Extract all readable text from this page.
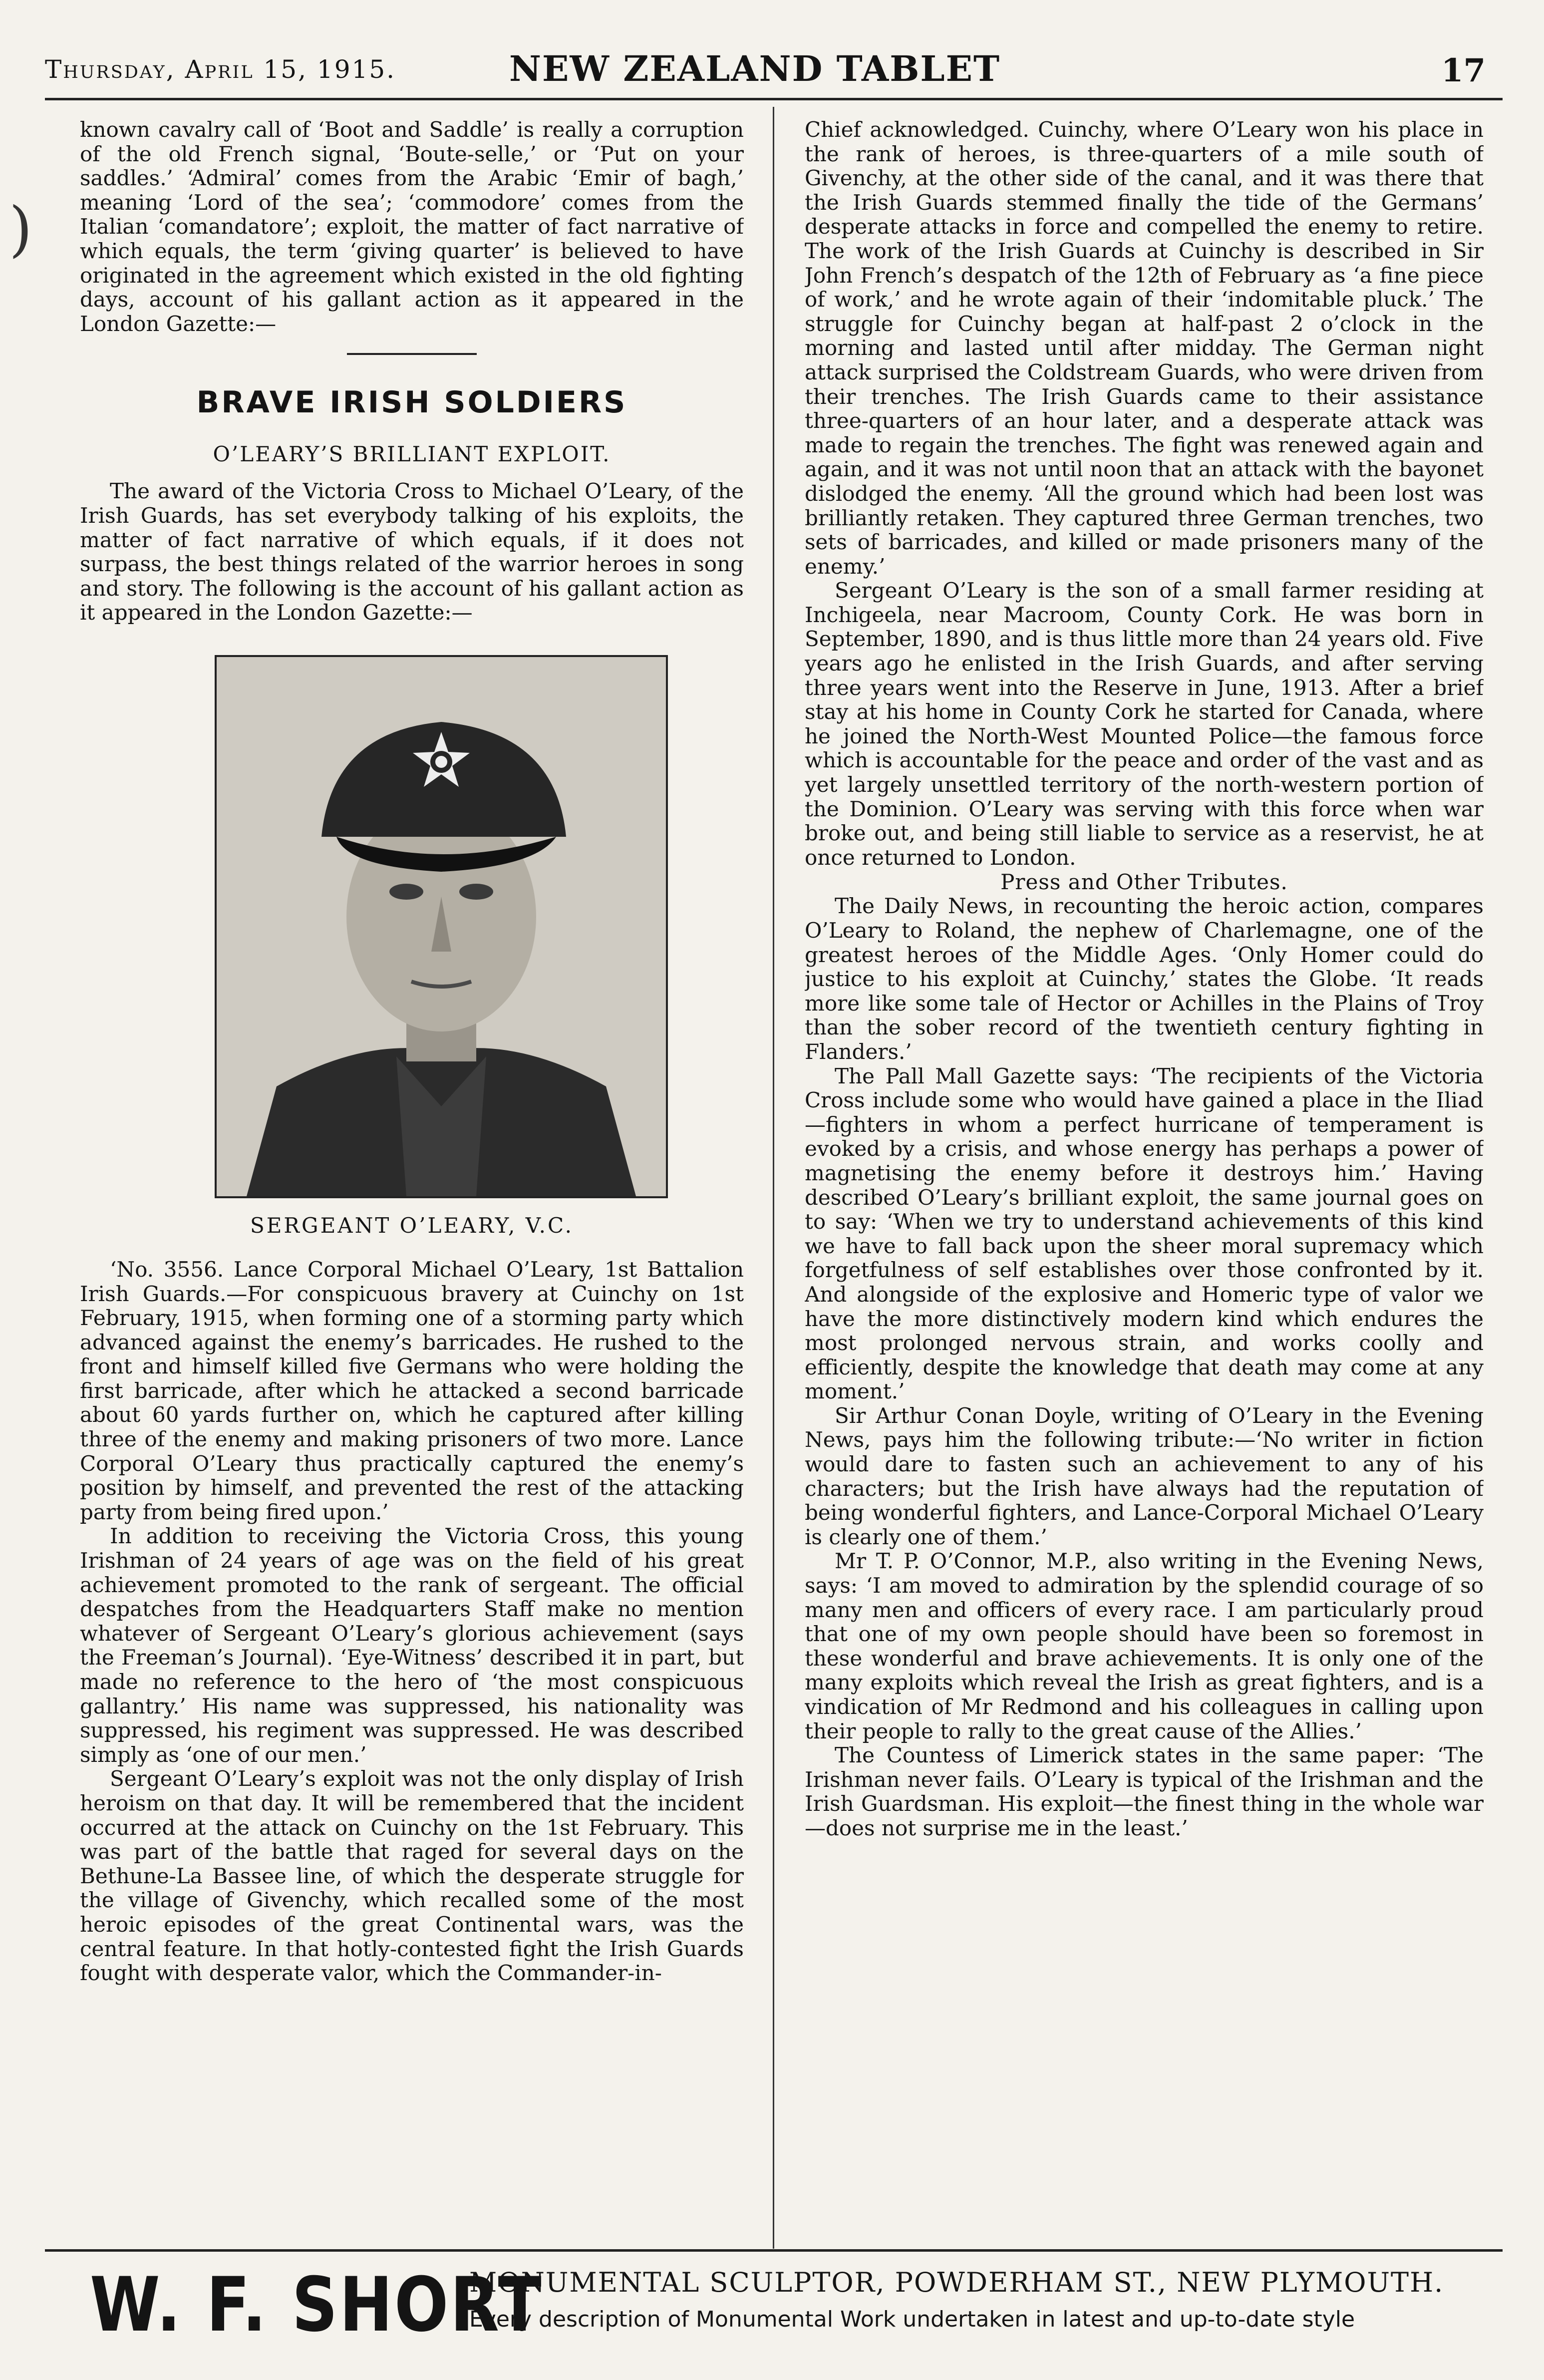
Thursday, April 15, 1915.	NEW ZEALAND TABLET	17
)

known cavalry call of ‘Boot and Saddle’ is really a corruption of the old French signal, ‘Boute-selle,’ or ‘Put on your saddles.’ ‘Admiral’ comes from the Arabic ‘Emir of bagh,’ meaning ‘Lord of the sea’; ‘commodore’ comes from the Italian ‘comandatore’; exploit, the matter of fact narrative of which equals, the term ‘giving quarter’ is believed to have originated in the agreement which existed in the old fighting days, account of his gallant action as it appeared in the London Gazette:—

BRAVE IRISH SOLDIERS
O’LEARY’S BRILLIANT EXPLOIT.

The award of the Victoria Cross to Michael O’Leary, of the Irish Guards, has set everybody talking of his exploits, the matter of fact narrative of which equals, if it does not surpass, the best things related of the warrior heroes in song and story. The following is the account of his gallant action as it appeared in the London Gazette:—

SERGEANT O’LEARY, V.C.

‘No. 3556. Lance Corporal Michael O’Leary, 1st Battalion Irish Guards.—For conspicuous bravery at Cuinchy on 1st February, 1915, when forming one of a storming party which advanced against the enemy’s barricades. He rushed to the front and himself killed five Germans who were holding the first barricade, after which he attacked a second barricade about 60 yards further on, which he captured after killing three of the enemy and making prisoners of two more. Lance Corporal O’Leary thus practically captured the enemy’s position by himself, and prevented the rest of the attacking party from being fired upon.’

In addition to receiving the Victoria Cross, this young Irishman of 24 years of age was on the field of his great achievement promoted to the rank of sergeant. The official despatches from the Headquarters Staff make no mention whatever of Sergeant O’Leary’s glorious achievement (says the Freeman’s Journal). ‘Eye-Witness’ described it in part, but made no reference to the hero of ‘the most conspicuous gallantry.’ His name was suppressed, his nationality was suppressed, his regiment was suppressed. He was described simply as ‘one of our men.’

Sergeant O’Leary’s exploit was not the only display of Irish heroism on that day. It will be remembered that the incident occurred at the attack on Cuinchy on the 1st February. This was part of the battle that raged for several days on the Bethune-La Bassee line, of which the desperate struggle for the village of Givenchy, which recalled some of the most heroic episodes of the great Continental wars, was the central feature. In that hotly-contested fight the Irish Guards fought with desperate valor, which the Commander-in-

Chief acknowledged. Cuinchy, where O’Leary won his place in the rank of heroes, is three-quarters of a mile south of Givenchy, at the other side of the canal, and it was there that the Irish Guards stemmed finally the tide of the Germans’ desperate attacks in force and compelled the enemy to retire. The work of the Irish Guards at Cuinchy is described in Sir John French’s despatch of the 12th of February as ‘a fine piece of work,’ and he wrote again of their ‘indomitable pluck.’ The struggle for Cuinchy began at half-past 2 o’clock in the morning and lasted until after midday. The German night attack surprised the Coldstream Guards, who were driven from their trenches. The Irish Guards came to their assistance three-quarters of an hour later, and a desperate attack was made to regain the trenches. The fight was renewed again and again, and it was not until noon that an attack with the bayonet dislodged the enemy. ‘All the ground which had been lost was brilliantly retaken. They captured three German trenches, two sets of barricades, and killed or made prisoners many of the enemy.’

Sergeant O’Leary is the son of a small farmer residing at Inchigeela, near Macroom, County Cork. He was born in September, 1890, and is thus little more than 24 years old. Five years ago he enlisted in the Irish Guards, and after serving three years went into the Reserve in June, 1913. After a brief stay at his home in County Cork he started for Canada, where he joined the North-West Mounted Police—the famous force which is accountable for the peace and order of the vast and as yet largely unsettled territory of the north-western portion of the Dominion. O’Leary was serving with this force when war broke out, and being still liable to service as a reservist, he at once returned to London.

Press and Other Tributes.

The Daily News, in recounting the heroic action, compares O’Leary to Roland, the nephew of Charlemagne, one of the greatest heroes of the Middle Ages. ‘Only Homer could do justice to his exploit at Cuinchy,’ states the Globe. ‘It reads more like some tale of Hector or Achilles in the Plains of Troy than the sober record of the twentieth century fighting in Flanders.’

The Pall Mall Gazette says: ‘The recipients of the Victoria Cross include some who would have gained a place in the Iliad—fighters in whom a perfect hurricane of temperament is evoked by a crisis, and whose energy has perhaps a power of magnetising the enemy before it destroys him.’ Having described O’Leary’s brilliant exploit, the same journal goes on to say: ‘When we try to understand achievements of this kind we have to fall back upon the sheer moral supremacy which forgetfulness of self establishes over those confronted by it. And alongside of the explosive and Homeric type of valor we have the more distinctively modern kind which endures the most prolonged nervous strain, and works coolly and efficiently, despite the knowledge that death may come at any moment.’

Sir Arthur Conan Doyle, writing of O’Leary in the Evening News, pays him the following tribute:—‘No writer in fiction would dare to fasten such an achievement to any of his characters; but the Irish have always had the reputation of being wonderful fighters, and Lance-Corporal Michael O’Leary is clearly one of them.’

Mr T. P. O’Connor, M.P., also writing in the Evening News, says: ‘I am moved to admiration by the splendid courage of so many men and officers of every race. I am particularly proud that one of my own people should have been so foremost in these wonderful and brave achievements. It is only one of the many exploits which reveal the Irish as great fighters, and is a vindication of Mr Redmond and his colleagues in calling upon their people to rally to the great cause of the Allies.’

The Countess of Limerick states in the same paper: ‘The Irishman never fails. O’Leary is typical of the Irishman and the Irish Guardsman. His exploit—the finest thing in the whole war—does not surprise me in the least.’

W. F. SHORT
MONUMENTAL SCULPTOR, POWDERHAM ST., NEW PLYMOUTH.
Every description of Monumental Work undertaken in latest and up-to-date style
